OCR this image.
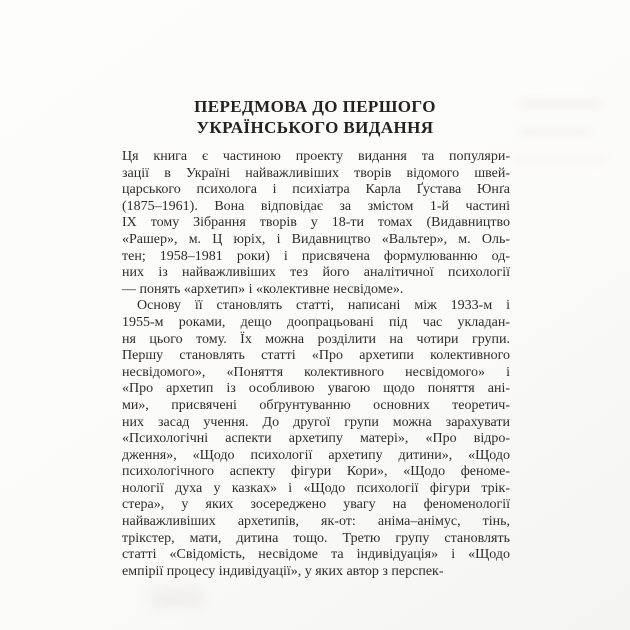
ПЕРЕДМОВА ДО ПЕРШОГО
УКРАЇНСЬКОГО ВИДАННЯ
Ця книга є частиною проекту видання та популяри-
зації в Україні найважливіших творів відомого швей-
царського психолога і психіатра Карла Ґустава Юнґа
(1875–1961). Вона відповідає за змістом 1-й частині
IX тому Зібрання творів у 18-ти томах (Видавництво
«Рашер», м. Ц юріх, і Видавництво «Вальтер», м. Оль-
тен; 1958–1981 роки) і присвячена формулюванню од-
них із найважливіших тез його аналітичної психології
— понять «архетип» і «колективне несвідоме».
Основу її становлять статті, написані між 1933-м і
1955-м роками, дещо доопрацьовані під час укладан-
ня цього тому. Їх можна розділити на чотири групи.
Першу становлять статті «Про архетипи колективного
несвідомого», «Поняття колективного несвідомого» і
«Про архетип із особливою увагою щодо поняття ані-
ми», присвячені обґрунтуванню основних теоретич-
них засад учення. До другої групи можна зарахувати
«Психологічні аспекти архетипу матері», «Про відро-
дження», «Щодо психології архетипу дитини», «Щодо
психологічного аспекту фігури Кори», «Щодо феноме-
нології духа у казках» і «Щодо психології фігури трік-
стера», у яких зосереджено увагу на феноменології
найважливіших архетипів, як-от: аніма–анімус, тінь,
трікстер, мати, дитина тощо. Третю групу становлять
статті «Свідомість, несвідоме та індивідуація» і «Щодо
емпірії процесу індивідуації», у яких автор з перспек-
